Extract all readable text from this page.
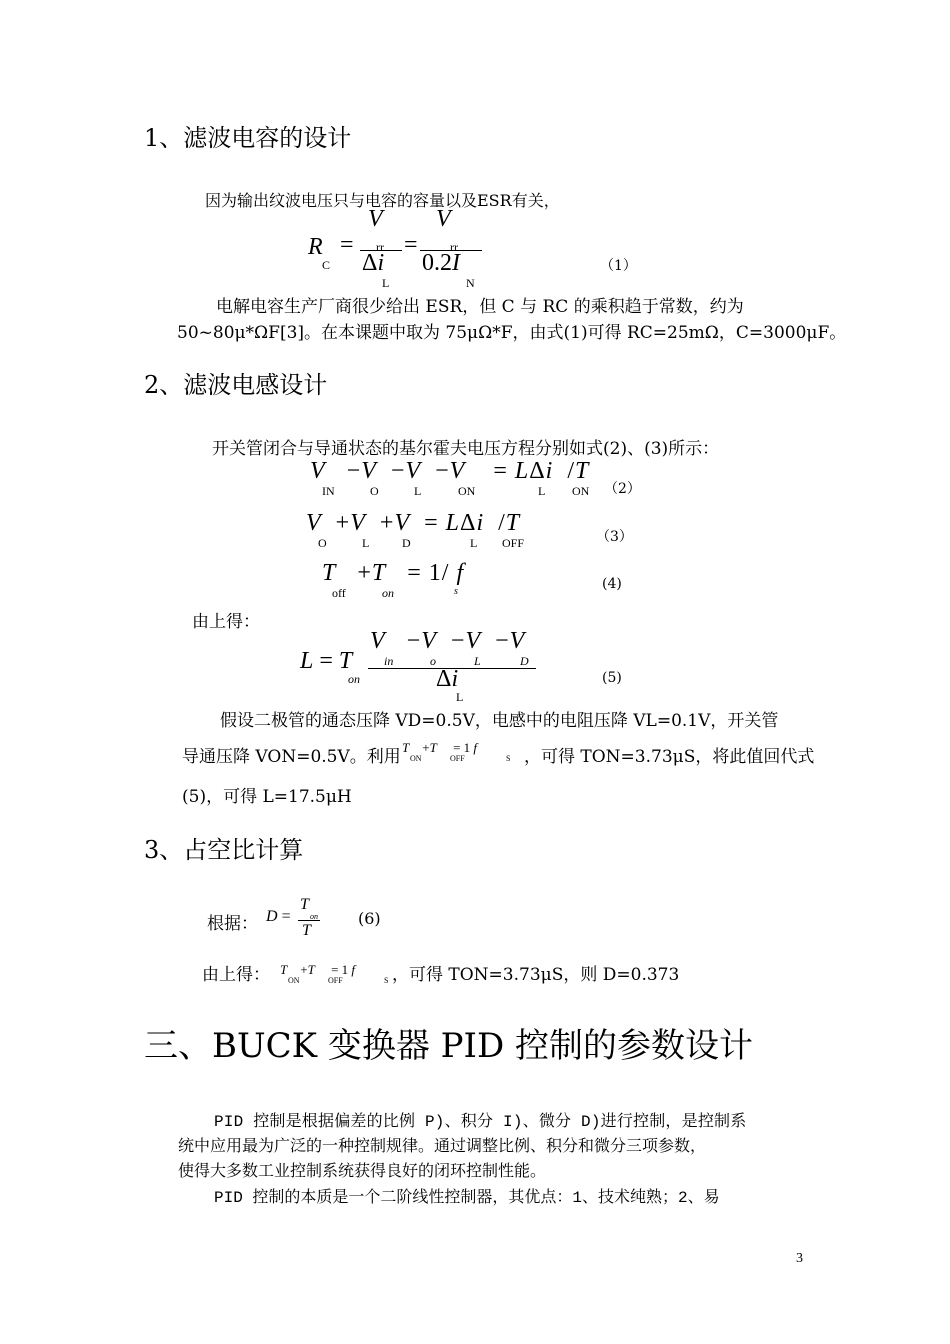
1、滤波电容的设计
因为输出纹波电压只与电容的容量以及ESR有关，
R
C
=
V
rr
Δi
L
=
V
rr
0.2I
N
（1）
电解电容生产厂商很少给出 ESR，但 C 与 RC 的乘积趋于常数，约为
50~80μ*ΩF[3]。在本课题中取为 75μΩ*F，由式(1)可得 RC=25mΩ，C=3000μF。
2、滤波电感设计
开关管闭合与导通状态的基尔霍夫电压方程分别如式(2)、(3)所示：
V   −V  −V  −V    = LΔi  /T
IN	O	L	ON	L ON （2）
V  +V  +V  = LΔi  /T
O	L	D	L OFF	（3）
T   +T   = 1/ f
off	on	s	(4)
由上得：
L = T
on
V   −V  −V  −V
in	o	L	D
Δi
L
(5)
假设二极管的通态压降 VD=0.5V，电感中的电阻压降 VL=0.1V，开关管
导通压降 VON=0.5V。利用 T    +T     = 1 f
ON	OFF	S ，可得 TON=3.73μS，将此值回代式
(5)，可得 L=17.5μH
3、占空比计算
根据： D =
T
on
T
(6)
由上得： T    +T     = 1 f
ON	OFF	S ，可得 TON=3.73μS，则 D=0.373
三、BUCK 变换器 PID 控制的参数设计
PID 控制是根据偏差的比例 P)、积分 I)、微分 D)进行控制，是控制系
统中应用最为广泛的一种控制规律。通过调整比例、积分和微分三项参数，
使得大多数工业控制系统获得良好的闭环控制性能。
PID 控制的本质是一个二阶线性控制器，其优点：1、技术纯熟；2、易
3
